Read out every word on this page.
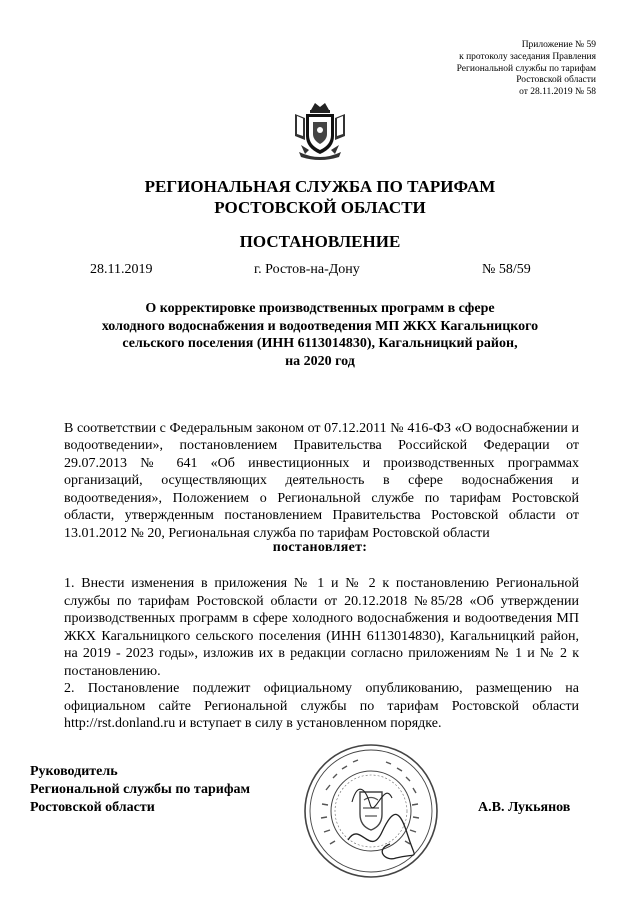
Приложение № 59
к протоколу заседания Правления
Региональной службы по тарифам
Ростовской области
от 28.11.2019 № 58
РЕГИОНАЛЬНАЯ СЛУЖБА ПО ТАРИФАМ
РОСТОВСКОЙ ОБЛАСТИ
ПОСТАНОВЛЕНИЕ
28.11.2019	г. Ростов-на-Дону	№ 58/59
О корректировке производственных программ в сфере
холодного водоснабжения и водоотведения МП ЖКХ Кагальницкого
сельского поселения (ИНН 6113014830), Кагальницкий район,
на 2020 год
В соответствии с Федеральным законом от 07.12.2011 № 416-ФЗ «О водоснабжении и водоотведении», постановлением Правительства Российской Федерации от 29.07.2013 № 641 «Об инвестиционных и производственных программах организаций, осуществляющих деятельность в сфере водоснабжения и водоотведения», Положением о Региональной службе по тарифам Ростовской области, утвержденным постановлением Правительства Ростовской области от 13.01.2012 № 20, Региональная служба по тарифам Ростовской области
постановляет:
1. Внести изменения в приложения № 1 и № 2 к постановлению Региональной службы по тарифам Ростовской области от 20.12.2018 №85/28 «Об утверждении производственных программ в сфере холодного водоснабжения и водоотведения МП ЖКХ Кагальницкого сельского поселения (ИНН 6113014830), Кагальницкий район, на 2019 - 2023 годы», изложив их в редакции согласно приложениям № 1 и № 2 к постановлению.
2. Постановление подлежит официальному опубликованию, размещению на официальном сайте Региональной службы по тарифам Ростовской области http://rst.donland.ru и вступает в силу в установленном порядке.
Руководитель
Региональной службы по тарифам
Ростовской области	А.В. Лукьянов
